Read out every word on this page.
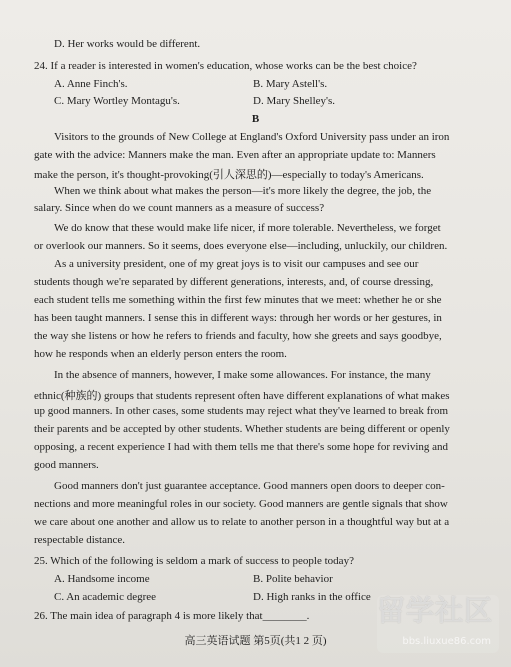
D. Her works would be different.
24. If a reader is interested in women's education, whose works can be the best choice?
A. Anne Finch's.	B. Mary Astell's.
C. Mary Wortley Montagu's.	D. Mary Shelley's.
B
Visitors to the grounds of New College at England's Oxford University pass under an iron
gate with the advice: Manners make the man. Even after an appropriate update to: Manners
make the person, it's thought-provoking(引人深思的)—especially to today's Americans.
When we think about what makes the person—it's more likely the degree, the job, the
salary. Since when do we count manners as a measure of success?
We do know that these would make life nicer, if more tolerable. Nevertheless, we forget
or overlook our manners. So it seems, does everyone else—including, unluckily, our children.
As a university president, one of my great joys is to visit our campuses and see our
students though we're separated by different generations, interests, and, of course dressing,
each student tells me something within the first few minutes that we meet: whether he or she
has been taught manners. I sense this in different ways: through her words or her gestures, in
the way she listens or how he refers to friends and faculty, how she greets and says goodbye,
how he responds when an elderly person enters the room.
In the absence of manners, however, I make some allowances. For instance, the many
ethnic(种族的) groups that students represent often have different explanations of what makes
up good manners. In other cases, some students may reject what they've learned to break from
their parents and be accepted by other students. Whether students are being different or openly
opposing, a recent experience I had with them tells me that there's some hope for reviving and
good manners.
Good manners don't just guarantee acceptance. Good manners open doors to deeper con-
nections and more meaningful roles in our society. Good manners are gentle signals that show
we care about one another and allow us to relate to another person in a thoughtful way but at a
respectable distance.
25. Which of the following is seldom a mark of success to people today?
A. Handsome income	B. Polite behavior
C. An academic degree	D. High ranks in the office
26. The main idea of paragraph 4 is more likely that________.
高三英语试题 第5页(共1 2 页)
留学社区
bbs.liuxue86.com
